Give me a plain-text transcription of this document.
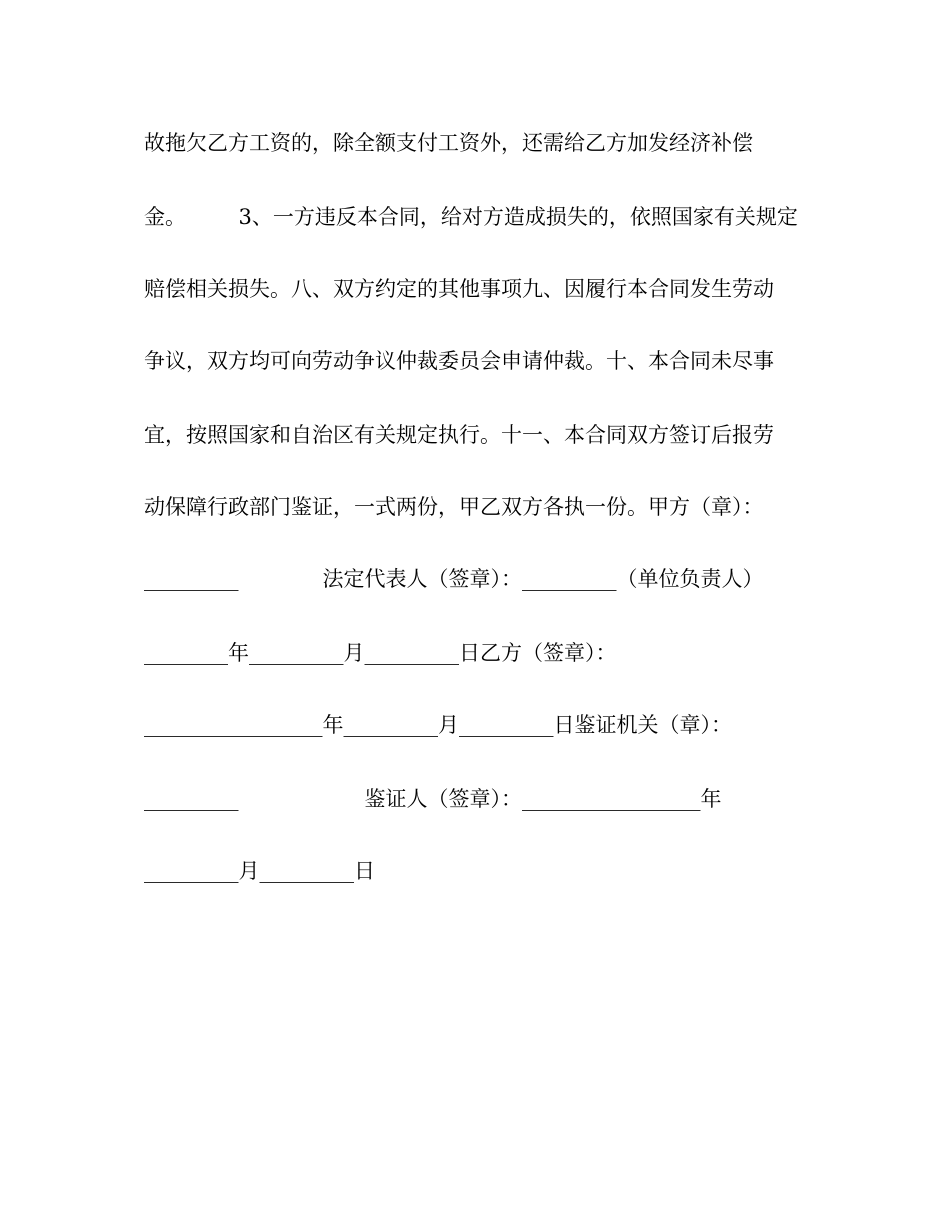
故拖欠乙方工资的，除全额支付工资外，还需给乙方加发经济补偿

金。　　　3、一方违反本合同，给对方造成损失的，依照国家有关规定

赔偿相关损失。八、双方约定的其他事项九、因履行本合同发生劳动

争议，双方均可向劳动争议仲裁委员会申请仲裁。十、本合同未尽事

宜，按照国家和自治区有关规定执行。十一、本合同双方签订后报劳

动保障行政部门鉴证，一式两份，甲乙双方各执一份。甲方（章）：

_________　　　　法定代表人（签章）：_________（单位负责人）

________年_________月_________日乙方（签章）：

_________________年_________月_________日鉴证机关（章）：

_________　　　　　　鉴证人（签章）：_________________年

_________月_________日
